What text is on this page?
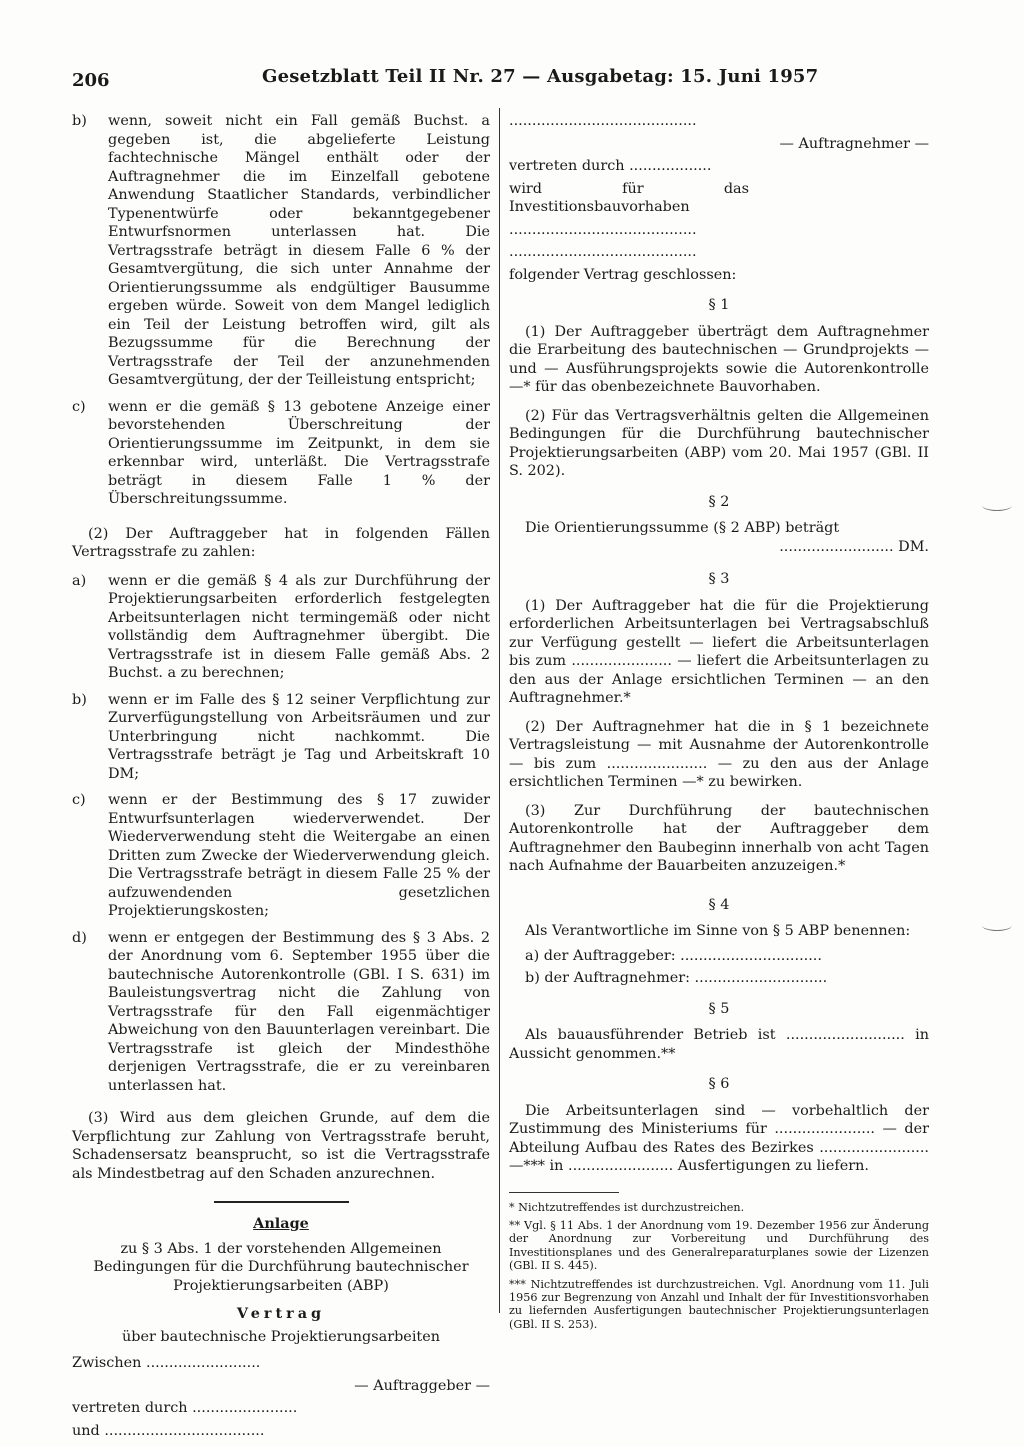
206	Gesetzblatt Teil II Nr. 27 — Ausgabetag: 15. Juni 1957
b)	wenn, soweit nicht ein Fall gemäß Buchst. a gegeben ist, die abgelieferte Leistung fachtechnische Mängel enthält oder der Auftragnehmer die im Einzelfall gebotene Anwendung Staatlicher Standards, verbindlicher Typenentwürfe oder bekanntgegebener Entwurfsnormen unterlassen hat. Die Vertragsstrafe beträgt in diesem Falle 6 % der Gesamtvergütung, die sich unter Annahme der Orientierungssumme als endgültiger Bausumme ergeben würde. Soweit von dem Mangel lediglich ein Teil der Leistung betroffen wird, gilt als Bezugssumme für die Berechnung der Vertragsstrafe der Teil der anzunehmenden Gesamtvergütung, der der Teilleistung entspricht;
c)	wenn er die gemäß § 13 gebotene Anzeige einer bevorstehenden Überschreitung der Orientierungssumme im Zeitpunkt, in dem sie erkennbar wird, unterläßt. Die Vertragsstrafe beträgt in diesem Falle 1 % der Überschreitungssumme.

(2) Der Auftraggeber hat in folgenden Fällen Vertragsstrafe zu zahlen:

a)	wenn er die gemäß § 4 als zur Durchführung der Projektierungsarbeiten erforderlich festgelegten Arbeitsunterlagen nicht termingemäß oder nicht vollständig dem Auftragnehmer übergibt. Die Vertragsstrafe ist in diesem Falle gemäß Abs. 2 Buchst. a zu berechnen;
b)	wenn er im Falle des § 12 seiner Verpflichtung zur Zurverfügungstellung von Arbeitsräumen und zur Unterbringung nicht nachkommt. Die Vertragsstrafe beträgt je Tag und Arbeitskraft 10 DM;
c)	wenn er der Bestimmung des § 17 zuwider Entwurfsunterlagen wiederverwendet. Der Wiederverwendung steht die Weitergabe an einen Dritten zum Zwecke der Wiederverwendung gleich. Die Vertragsstrafe beträgt in diesem Falle 25 % der aufzuwendenden gesetzlichen Projektierungskosten;
d)	wenn er entgegen der Bestimmung des § 3 Abs. 2 der Anordnung vom 6. September 1955 über die bautechnische Autorenkontrolle (GBl. I S. 631) im Bauleistungsvertrag nicht die Zahlung von Vertragsstrafe für den Fall eigenmächtiger Abweichung von den Bauunterlagen vereinbart. Die Vertragsstrafe ist gleich der Mindesthöhe derjenigen Vertragsstrafe, die er zu vereinbaren unterlassen hat.

(3) Wird aus dem gleichen Grunde, auf dem die Verpflichtung zur Zahlung von Vertragsstrafe beruht, Schadensersatz beansprucht, so ist die Vertragsstrafe als Mindestbetrag auf den Schaden anzurechnen.

Anlage
zu § 3 Abs. 1 der vorstehenden Allgemeinen Bedingungen für die Durchführung bautechnischer Projektierungsarbeiten (ABP)
Vertrag
über bautechnische Projektierungsarbeiten
Zwischen .........................
— Auftraggeber —
vertreten durch .......................
und ...................................
.........................................
— Auftragnehmer —
vertreten durch ..................
wird für das Investitionsbauvorhaben
.........................................
.........................................
folgender Vertrag geschlossen:
§ 1

(1) Der Auftraggeber überträgt dem Auftragnehmer die Erarbeitung des bautechnischen — Grundprojekts — und — Ausführungsprojekts sowie die Autorenkontrolle —* für das obenbezeichnete Bauvorhaben.

(2) Für das Vertragsverhältnis gelten die Allgemeinen Bedingungen für die Durchführung bautechnischer Projektierungsarbeiten (ABP) vom 20. Mai 1957 (GBl. II S. 202).

§ 2

Die Orientierungssumme (§ 2 ABP) beträgt

......................... DM.

§ 3

(1) Der Auftraggeber hat die für die Projektierung erforderlichen Arbeitsunterlagen bei Vertragsabschluß zur Verfügung gestellt — liefert die Arbeitsunterlagen bis zum ...................... — liefert die Arbeitsunterlagen zu den aus der Anlage ersichtlichen Terminen — an den Auftragnehmer.*

(2) Der Auftragnehmer hat die in § 1 bezeichnete Vertragsleistung — mit Ausnahme der Autorenkontrolle — bis zum ...................... — zu den aus der Anlage ersichtlichen Terminen —* zu bewirken.

(3) Zur Durchführung der bautechnischen Autorenkontrolle hat der Auftraggeber dem Auftragnehmer den Baubeginn innerhalb von acht Tagen nach Aufnahme der Bauarbeiten anzuzeigen.*

§ 4

Als Verantwortliche im Sinne von § 5 ABP benennen:

a) der Auftraggeber: ...............................
b) der Auftragnehmer: .............................
§ 5

Als bauausführender Betrieb ist .......................... in Aussicht genommen.**

§ 6

Die Arbeitsunterlagen sind — vorbehaltlich der Zustimmung des Ministeriums für ...................... — der Abteilung Aufbau des Rates des Bezirkes ........................ —*** in ....................... Ausfertigungen zu liefern.

* Nichtzutreffendes ist durchzustreichen.

** Vgl. § 11 Abs. 1 der Anordnung vom 19. Dezember 1956 zur Änderung der Anordnung zur Vorbereitung und Durchführung des Investitionsplanes und des Generalreparaturplanes sowie der Lizenzen (GBl. II S. 445).

*** Nichtzutreffendes ist durchzustreichen. Vgl. Anordnung vom 11. Juli 1956 zur Begrenzung von Anzahl und Inhalt der für Investitionsvorhaben zu liefernden Ausfertigungen bautechnischer Projektierungsunterlagen (GBl. II S. 253).
